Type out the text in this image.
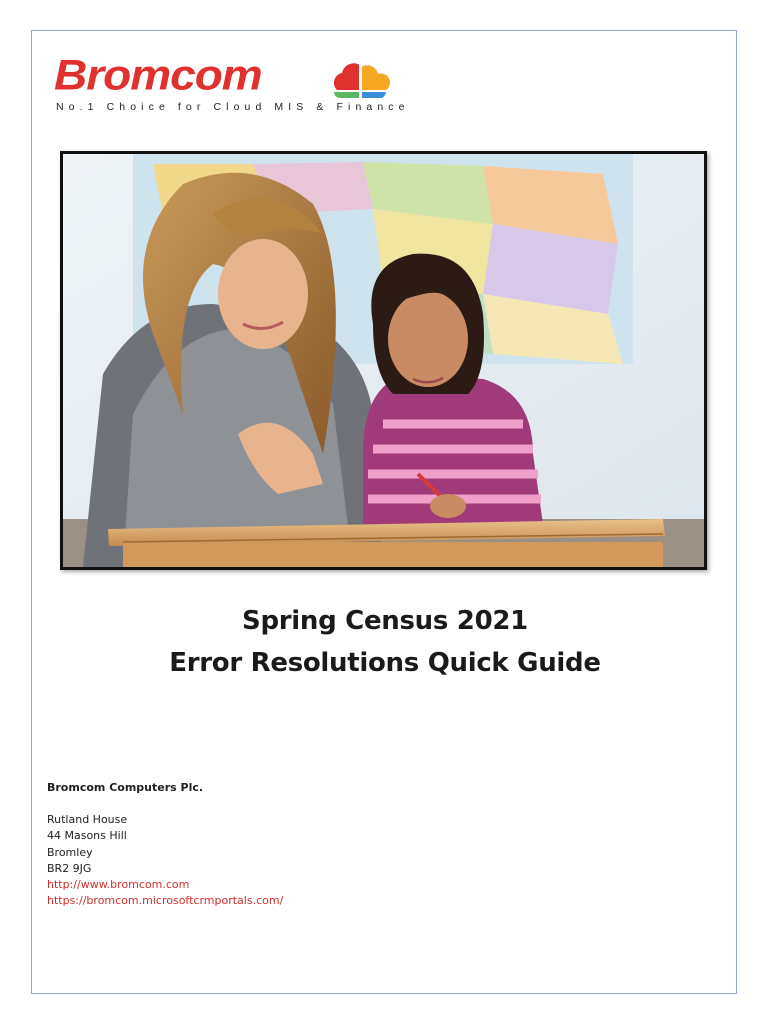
Bromcom
No.1 Choice for Cloud MIS & Finance
Spring Census 2021
Error Resolutions Quick Guide
Bromcom Computers Plc.
Rutland House
44 Masons Hill
Bromley
BR2 9JG
http://www.bromcom.com
https://bromcom.microsoftcrmportals.com/
